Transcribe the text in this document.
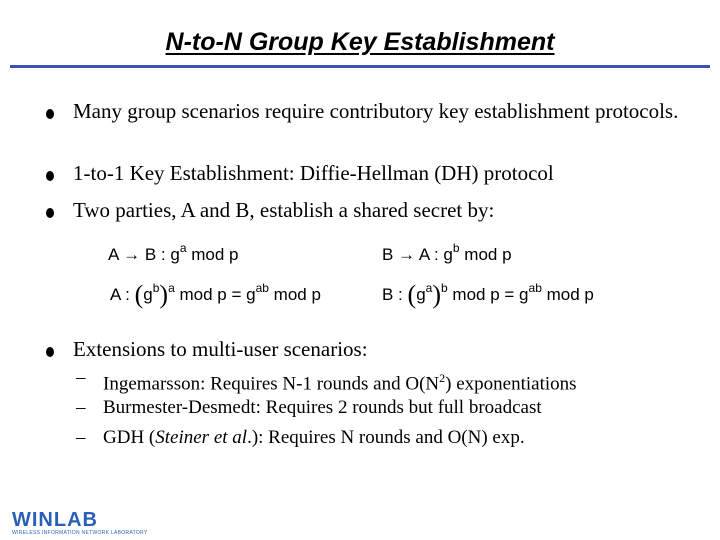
N-to-N Group Key Establishment
Many group scenarios require contributory key establishment protocols.
1-to-1 Key Establishment: Diffie-Hellman (DH) protocol
Two parties, A and B, establish a shared secret by:
A → B : $g^a$ mod p	B → A : $g^b$ mod p
A : $(g^b)^a$ mod $p = g^{ab}$ mod p	B : $(g^a)^b$ mod $p = g^{ab}$ mod p
Extensions to multi-user scenarios:
– Ingemarsson: Requires N-1 rounds and $O(N^2)$ exponentiations
– Burmester-Desmedt: Requires 2 rounds but full broadcast
– GDH (Steiner et al.): Requires N rounds and O(N) exp.
WINLAB
WIRELESS INFORMATION NETWORK LABORATORY
